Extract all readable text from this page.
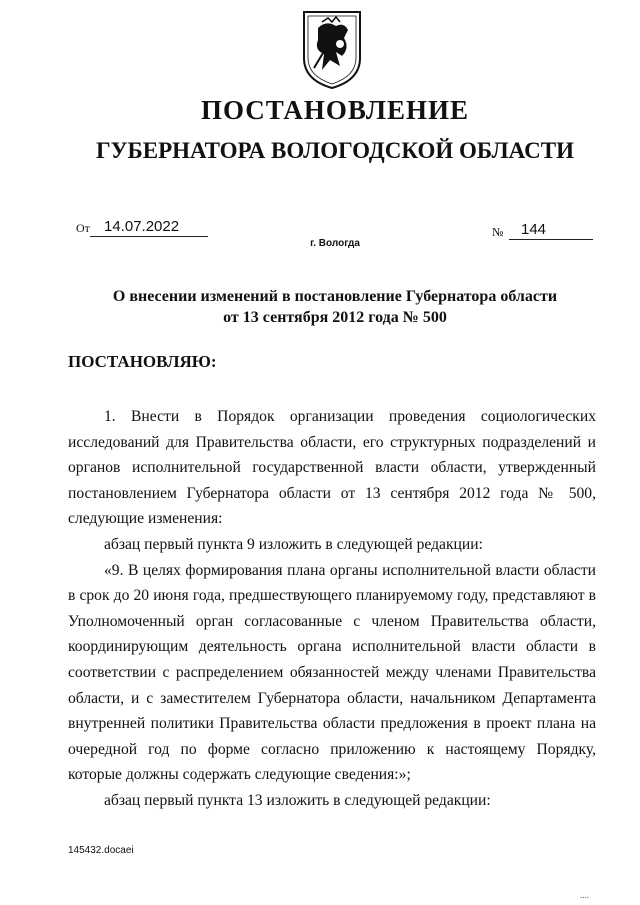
ПОСТАНОВЛЕНИЕ
ГУБЕРНАТОРА ВОЛОГОДСКОЙ ОБЛАСТИ
От 14.07.2022
г. Вологда
№ 144
О внесении изменений в постановление Губернатора области
от 13 сентября 2012 года № 500
ПОСТАНОВЛЯЮ:

1. Внести в Порядок организации проведения социологических

исследований для Правительства области, его структурных подразделений и

органов исполнительной государственной власти области, утвержденный

постановлением Губернатора области от 13 сентября 2012 года № 500,

следующие изменения:

абзац первый пункта 9 изложить в следующей редакции:

«9. В целях формирования плана органы исполнительной власти области в срок до 20 июня года, предшествующего планируемому году, представляют в Уполномоченный орган согласованные с членом Правительства области, координирующим деятельность органа исполнительной власти области в соответствии с распределением обязанностей между членами Правительства области, и с заместителем Губернатора области, начальником Департамента внутренней политики Правительства области предложения в проект плана на очередной год по форме согласно приложению к настоящему Порядку, которые должны содержать следующие сведения:»;

абзац первый пункта 13 изложить в следующей редакции:

145432.docaei
....
